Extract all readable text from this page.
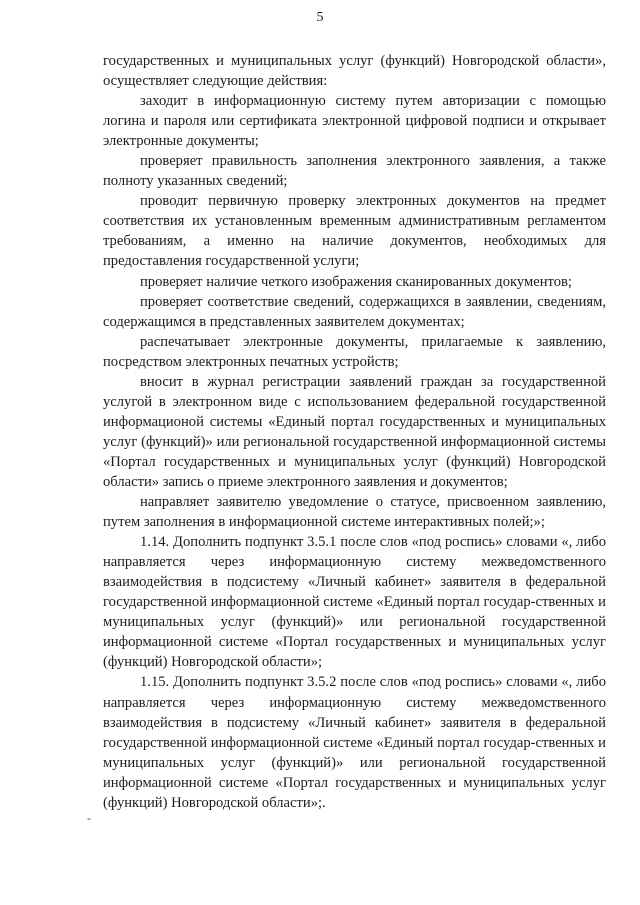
5

государственных и муниципальных услуг (функций) Новгородской области», осуществляет следующие действия:

заходит в информационную систему путем авторизации с помощью логина и пароля или сертификата электронной цифровой подписи и открывает электронные документы;

проверяет правильность заполнения электронного заявления, а также полноту указанных сведений;

проводит первичную проверку электронных документов на предмет соответствия их установленным временным административным регламентом требованиям, а именно на наличие документов, необходимых для предоставления государственной услуги;

проверяет наличие четкого изображения сканированных документов;

проверяет соответствие сведений, содержащихся в заявлении, сведениям, содержащимся в представленных заявителем документах;

распечатывает электронные документы, прилагаемые к заявлению, посредством электронных печатных устройств;

вносит в журнал регистрации заявлений граждан за государственной услугой в электронном виде с использованием федеральной государственной информационой системы «Единый портал государственных и муниципальных услуг (функций)» или региональной государственной информационной системы «Портал государственных и муниципальных услуг (функций) Новгородской области» запись о приеме электронного заявления и документов;

направляет заявителю уведомление о статусе, присвоенном заявлению, путем заполнения в информационной системе интерактивных полей;»;

1.14. Дополнить подпункт 3.5.1 после слов «под роспись» словами «, либо направляется через информационную систему межведомственного взаимодействия в подсистему «Личный кабинет» заявителя в федеральной государственной информационной системе «Единый портал государ-ственных и муниципальных услуг (функций)» или региональной государственной информационной системе «Портал государственных и муниципальных услуг (функций) Новгородской области»;

1.15. Дополнить подпункт 3.5.2 после слов «под роспись» словами «, либо направляется через информационную систему межведомственного взаимодействия в подсистему «Личный кабинет» заявителя в федеральной государственной информационной системе «Единый портал государ-ственных и муниципальных услуг (функций)» или региональной государственной информационной системе «Портал государственных и муниципальных услуг (функций) Новгородской области»;.

-
